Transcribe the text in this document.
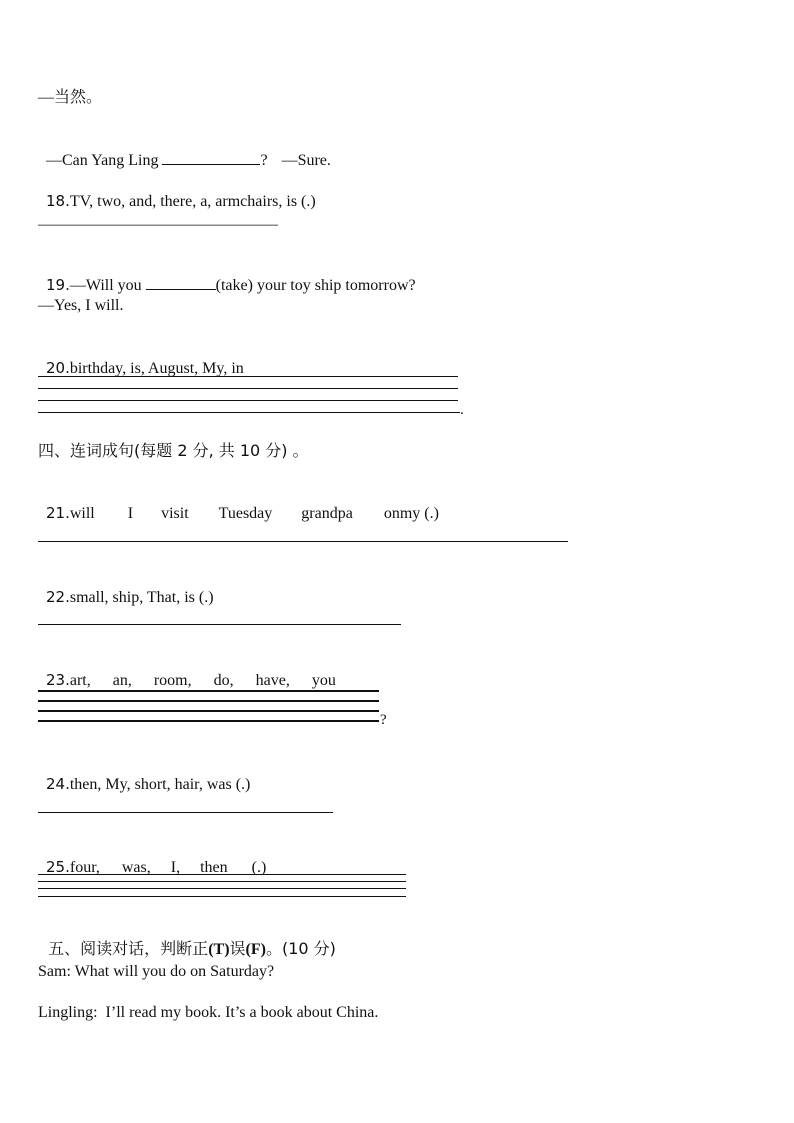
—当然。

—Can Yang Ling	? —Sure.

18.TV, two, and, there, a, armchairs, is (.)

———————————————

19.—Will you	(take) your toy ship tomorrow?

—Yes, I will.

20.birthday, is, August, My, in

.
四、连词成句(每题 2 分, 共 10 分) 。

21.will I visit Tuesday grandpa onmy (.)

22.small, ship, That, is (.)

23.art, an, room, do, have, you

?

24.then, My, short, hair, was (.)

25.four, was, I, then (.)

五、阅读对话，判断正(T)误(F)。(10 分)

Sam: What will you do on Saturday?
Lingling:  I’ll read my book. It’s a book about China.
